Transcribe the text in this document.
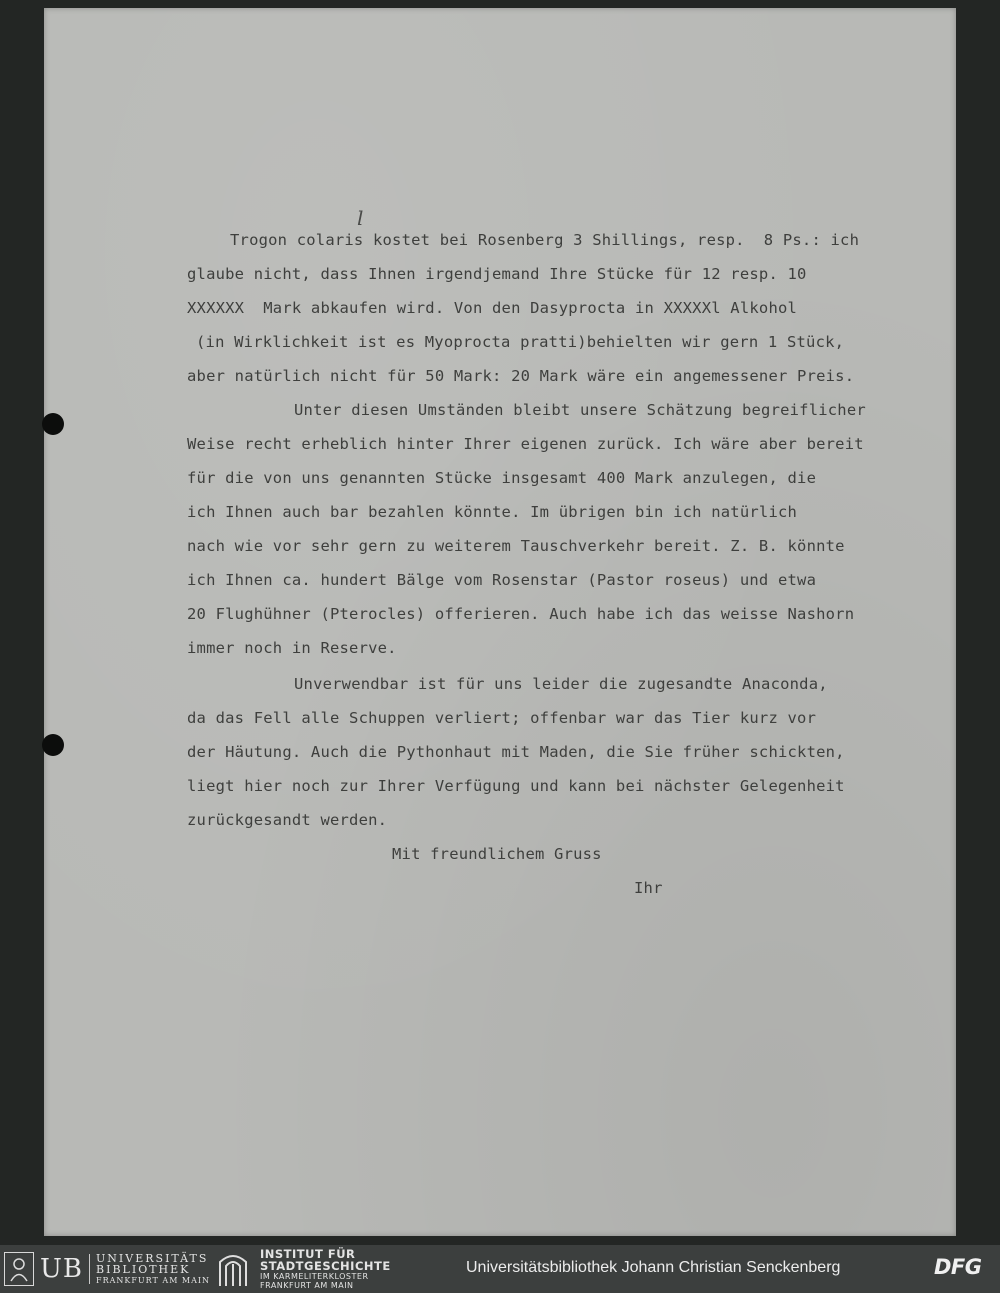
l
Trogon colaris kostet bei Rosenberg 3 Shillings, resp.  8 Ps.: ich
glaube nicht, dass Ihnen irgendjemand Ihre Stücke für 12 resp. 10
XXXXXX  Mark abkaufen wird. Von den Dasyprocta in XXXXXl Alkohol
(in Wirklichkeit ist es Myoprocta pratti)behielten wir gern 1 Stück,
aber natürlich nicht für 50 Mark: 20 Mark wäre ein angemessener Preis.
Unter diesen Umständen bleibt unsere Schätzung begreiflicher
Weise recht erheblich hinter Ihrer eigenen zurück. Ich wäre aber bereit
für die von uns genannten Stücke insgesamt 400 Mark anzulegen, die
ich Ihnen auch bar bezahlen könnte. Im übrigen bin ich natürlich
nach wie vor sehr gern zu weiterem Tauschverkehr bereit. Z. B. könnte
ich Ihnen ca. hundert Bälge vom Rosenstar (Pastor roseus) und etwa
20 Flughühner (Pterocles) offerieren. Auch habe ich das weisse Nashorn
immer noch in Reserve.
Unverwendbar ist für uns leider die zugesandte Anaconda,
da das Fell alle Schuppen verliert; offenbar war das Tier kurz vor
der Häutung. Auch die Pythonhaut mit Maden, die Sie früher schickten,
liegt hier noch zur Ihrer Verfügung und kann bei nächster Gelegenheit
zurückgesandt werden.
Mit freundlichem Gruss
Ihr
UB UNIVERSITÄTS
BIBLIOTHEK
FRANKFURT AM MAIN
INSTITUT FÜR
STADTGESCHICHTE
IM KARMELITERKLOSTER
FRANKFURT AM MAIN
Universitätsbibliothek Johann Christian Senckenberg	DFG
